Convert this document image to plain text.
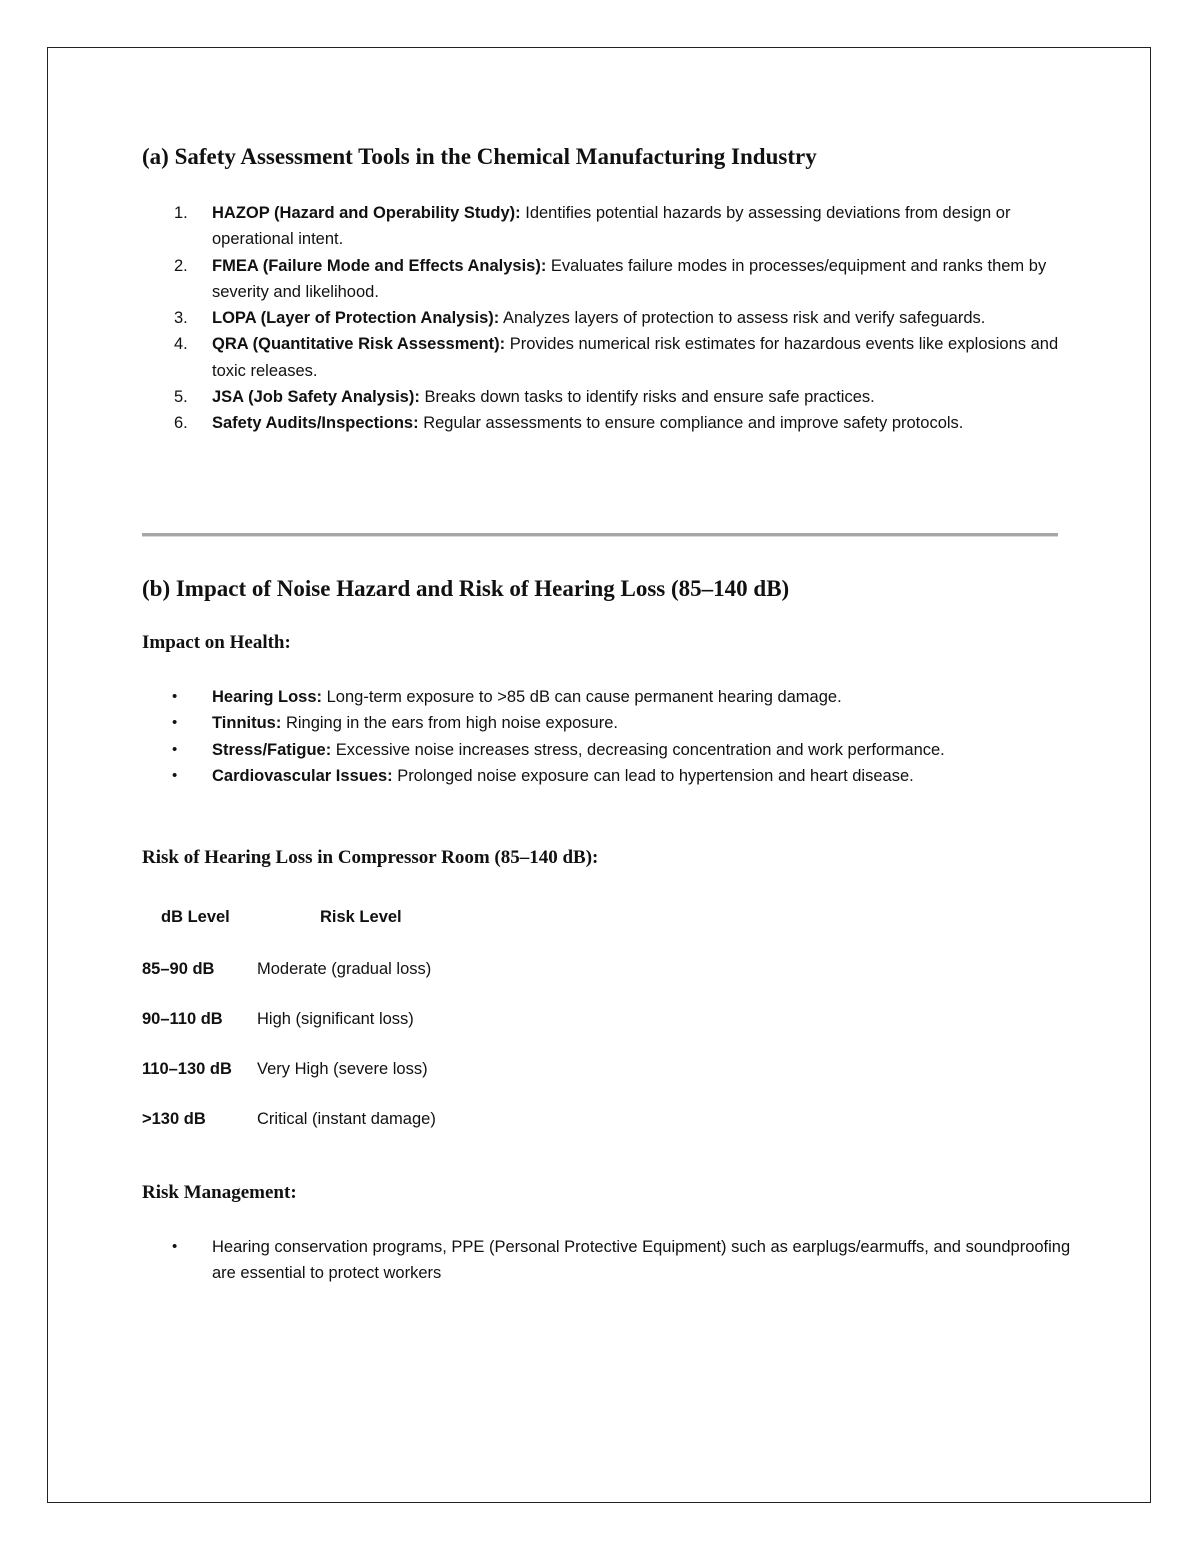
(a) Safety Assessment Tools in the Chemical Manufacturing Industry
1. HAZOP (Hazard and Operability Study): Identifies potential hazards by assessing deviations from design or operational intent.
2. FMEA (Failure Mode and Effects Analysis): Evaluates failure modes in processes/equipment and ranks them by severity and likelihood.
3. LOPA (Layer of Protection Analysis): Analyzes layers of protection to assess risk and verify safeguards.
4. QRA (Quantitative Risk Assessment): Provides numerical risk estimates for hazardous events like explosions and toxic releases.
5. JSA (Job Safety Analysis): Breaks down tasks to identify risks and ensure safe practices.
6. Safety Audits/Inspections: Regular assessments to ensure compliance and improve safety protocols.
(b) Impact of Noise Hazard and Risk of Hearing Loss (85–140 dB)
Impact on Health:
• Hearing Loss: Long-term exposure to >85 dB can cause permanent hearing damage.
• Tinnitus: Ringing in the ears from high noise exposure.
• Stress/Fatigue: Excessive noise increases stress, decreasing concentration and work performance.
• Cardiovascular Issues: Prolonged noise exposure can lead to hypertension and heart disease.
Risk of Hearing Loss in Compressor Room (85–140 dB):
dB Level	Risk Level

85–90 dB	Moderate (gradual loss)
90–110 dB	High (significant loss)
110–130 dB	Very High (severe loss)
>130 dB	Critical (instant damage)
Risk Management:
• Hearing conservation programs, PPE (Personal Protective Equipment) such as earplugs/earmuffs, and soundproofing are essential to protect workers
